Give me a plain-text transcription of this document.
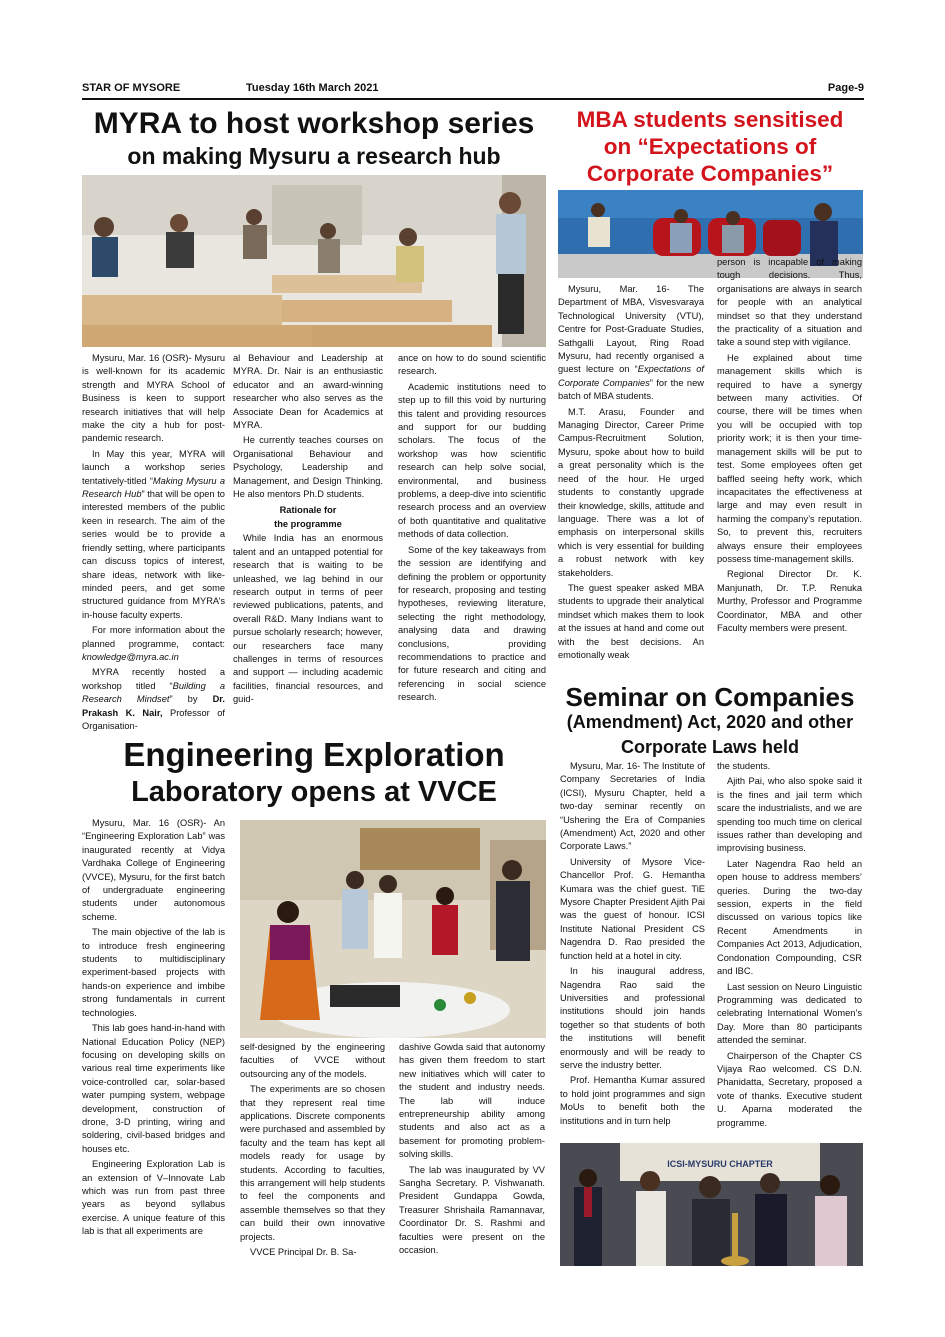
STAR OF MYSORE	Tuesday 16th March 2021	Page-9
MYRA to host workshop series
on making Mysuru a research hub

Mysuru, Mar. 16 (OSR)- Mysuru is well-known for its academic strength and MYRA School of Business is keen to support research initiatives that will help make the city a hub for post-pandemic research.

In May this year, MYRA will launch a workshop series tentatively-titled “Making Mysuru a Research Hub” that will be open to interested members of the public keen in research. The aim of the series would be to provide a friendly setting, where participants can discuss topics of interest, share ideas, network with like-minded peers, and get some structured guidance from MYRA’s in-house faculty experts.

For more information about the planned programme, contact: knowledge@myra.ac.in

MYRA recently hosted a workshop titled “Building a Research Mindset” by Dr. Prakash K. Nair, Professor of Organisation-

al Behaviour and Leadership at MYRA. Dr. Nair is an enthusiastic educator and an award-winning researcher who also serves as the Associate Dean for Academics at MYRA.

He currently teaches courses on Organisational Behaviour and Psychology, Leadership and Management, and Design Thinking. He also mentors Ph.D students.

Rationale for
the programme

While India has an enormous talent and an untapped potential for research that is waiting to be unleashed, we lag behind in our research output in terms of peer reviewed publications, patents, and overall R&D. Many Indians want to pursue scholarly research; however, our researchers face many challenges in terms of resources and support — including academic facilities, financial resources, and guid-

ance on how to do sound scientific research.

Academic institutions need to step up to fill this void by nurturing this talent and providing resources and support for our budding scholars. The focus of the workshop was how scientific research can help solve social, environmental, and business problems, a deep-dive into scientific research process and an overview of both quantitative and qualitative methods of data collection.

Some of the key takeaways from the session are identifying and defining the problem or opportunity for research, proposing and testing hypotheses, reviewing literature, selecting the right methodology, analysing data and drawing conclusions, providing recommendations to practice and for future research and citing and referencing in social science research.

MBA students sensitised
on “Expectations of
Corporate Companies”

Mysuru, Mar. 16- The Department of MBA, Visvesvaraya Technological University (VTU), Centre for Post-Graduate Studies, Sathgalli Layout, Ring Road Mysuru, had recently organised a guest lecture on “Expectations of Corporate Companies” for the new batch of MBA students.

M.T. Arasu, Founder and Managing Director, Career Prime Campus-Recruitment Solution, Mysuru, spoke about how to build a great personality which is the need of the hour. He urged students to constantly upgrade their knowledge, skills, attitude and language. There was a lot of emphasis on interpersonal skills which is very essential for building a robust network with key stakeholders.

The guest speaker asked MBA students to upgrade their analytical mindset which makes them to look at the issues at hand and come out with the best decisions. An emotionally weak

person is incapable of making tough decisions. Thus, organisations are always in search for people with an analytical mindset so that they understand the practicality of a situation and take a sound step with vigilance.

He explained about time management skills which is required to have a synergy between many activities. Of course, there will be times when you will be occupied with top priority work; it is then your time-management skills will be put to test. Some employees often get baffled seeing hefty work, which incapacitates the effectiveness at large and may even result in harming the company’s reputation. So, to prevent this, recruiters always ensure their employees possess time-management skills.

Regional Director Dr. K. Manjunath, Dr. T.P. Renuka Murthy, Professor and Programme Coordinator, MBA and other Faculty members were present.

Engineering Exploration
Laboratory opens at VVCE

Mysuru, Mar. 16 (OSR)- An “Engineering Exploration Lab” was inaugurated recently at Vidya Vardhaka College of Engineering (VVCE), Mysuru, for the first batch of undergraduate engineering students under autonomous scheme.

The main objective of the lab is to introduce fresh engineering students to multidisciplinary experiment-based projects with hands-on experience and imbibe strong fundamentals in current technologies.

This lab goes hand-in-hand with National Education Policy (NEP) focusing on developing skills on various real time experiments like voice-controlled car, solar-based water pumping system, webpage development, construction of drone, 3-D printing, wiring and soldering, civil-based bridges and houses etc.

Engineering Exploration Lab is an extension of V–Innovate Lab which was run from past three years as beyond syllabus exercise. A unique feature of this lab is that all experiments are

self-designed by the engineering faculties of VVCE without outsourcing any of the models.

The experiments are so chosen that they represent real time applications. Discrete components were purchased and assembled by faculty and the team has kept all models ready for usage by students. According to faculties, this arrangement will help students to feel the components and assemble themselves so that they can build their own innovative projects.

VVCE Principal Dr. B. Sa-

dashive Gowda said that autonomy has given them freedom to start new initiatives which will cater to the student and industry needs. The lab will induce entrepreneurship ability among students and also act as a basement for promoting problem-solving skills.

The lab was inaugurated by VV Sangha Secretary. P. Vishwanath. President Gundappa Gowda, Treasurer Shrishaila Ramannavar, Coordinator Dr. S. Rashmi and faculties were present on the occasion.

Seminar on Companies
(Amendment) Act, 2020 and other
Corporate Laws held

Mysuru, Mar. 16- The Institute of Company Secretaries of India (ICSI), Mysuru Chapter, held a two-day seminar recently on “Ushering the Era of Companies (Amendment) Act, 2020 and other Corporate Laws.”

University of Mysore Vice-Chancellor Prof. G. Hemantha Kumara was the chief guest. TiE Mysore Chapter President Ajith Pai was the guest of honour. ICSI Institute National President CS Nagendra D. Rao presided the function held at a hotel in city.

In his inaugural address, Nagendra Rao said the Universities and professional institutions should join hands together so that students of both the institutions will benefit enormously and will be ready to serve the industry better.

Prof. Hemantha Kumar assured to hold joint programmes and sign MoUs to benefit both the institutions and in turn help

the students.

Ajith Pai, who also spoke said it is the fines and jail term which scare the industrialists, and we are spending too much time on clerical issues rather than developing and improvising business.

Later Nagendra Rao held an open house to address members’ queries. During the two-day session, experts in the field discussed on various topics like Recent Amendments in Companies Act 2013, Adjudication, Condonation Compounding, CSR and IBC.

Last session on Neuro Linguistic Programming was dedicated to celebrating International Women’s Day. More than 80 participants attended the seminar.

Chairperson of the Chapter CS Vijaya Rao welcomed. CS D.N. Phanidatta, Secretary, proposed a vote of thanks. Executive student U. Aparna moderated the programme.

ICSI-MYSURU CHAPTER
